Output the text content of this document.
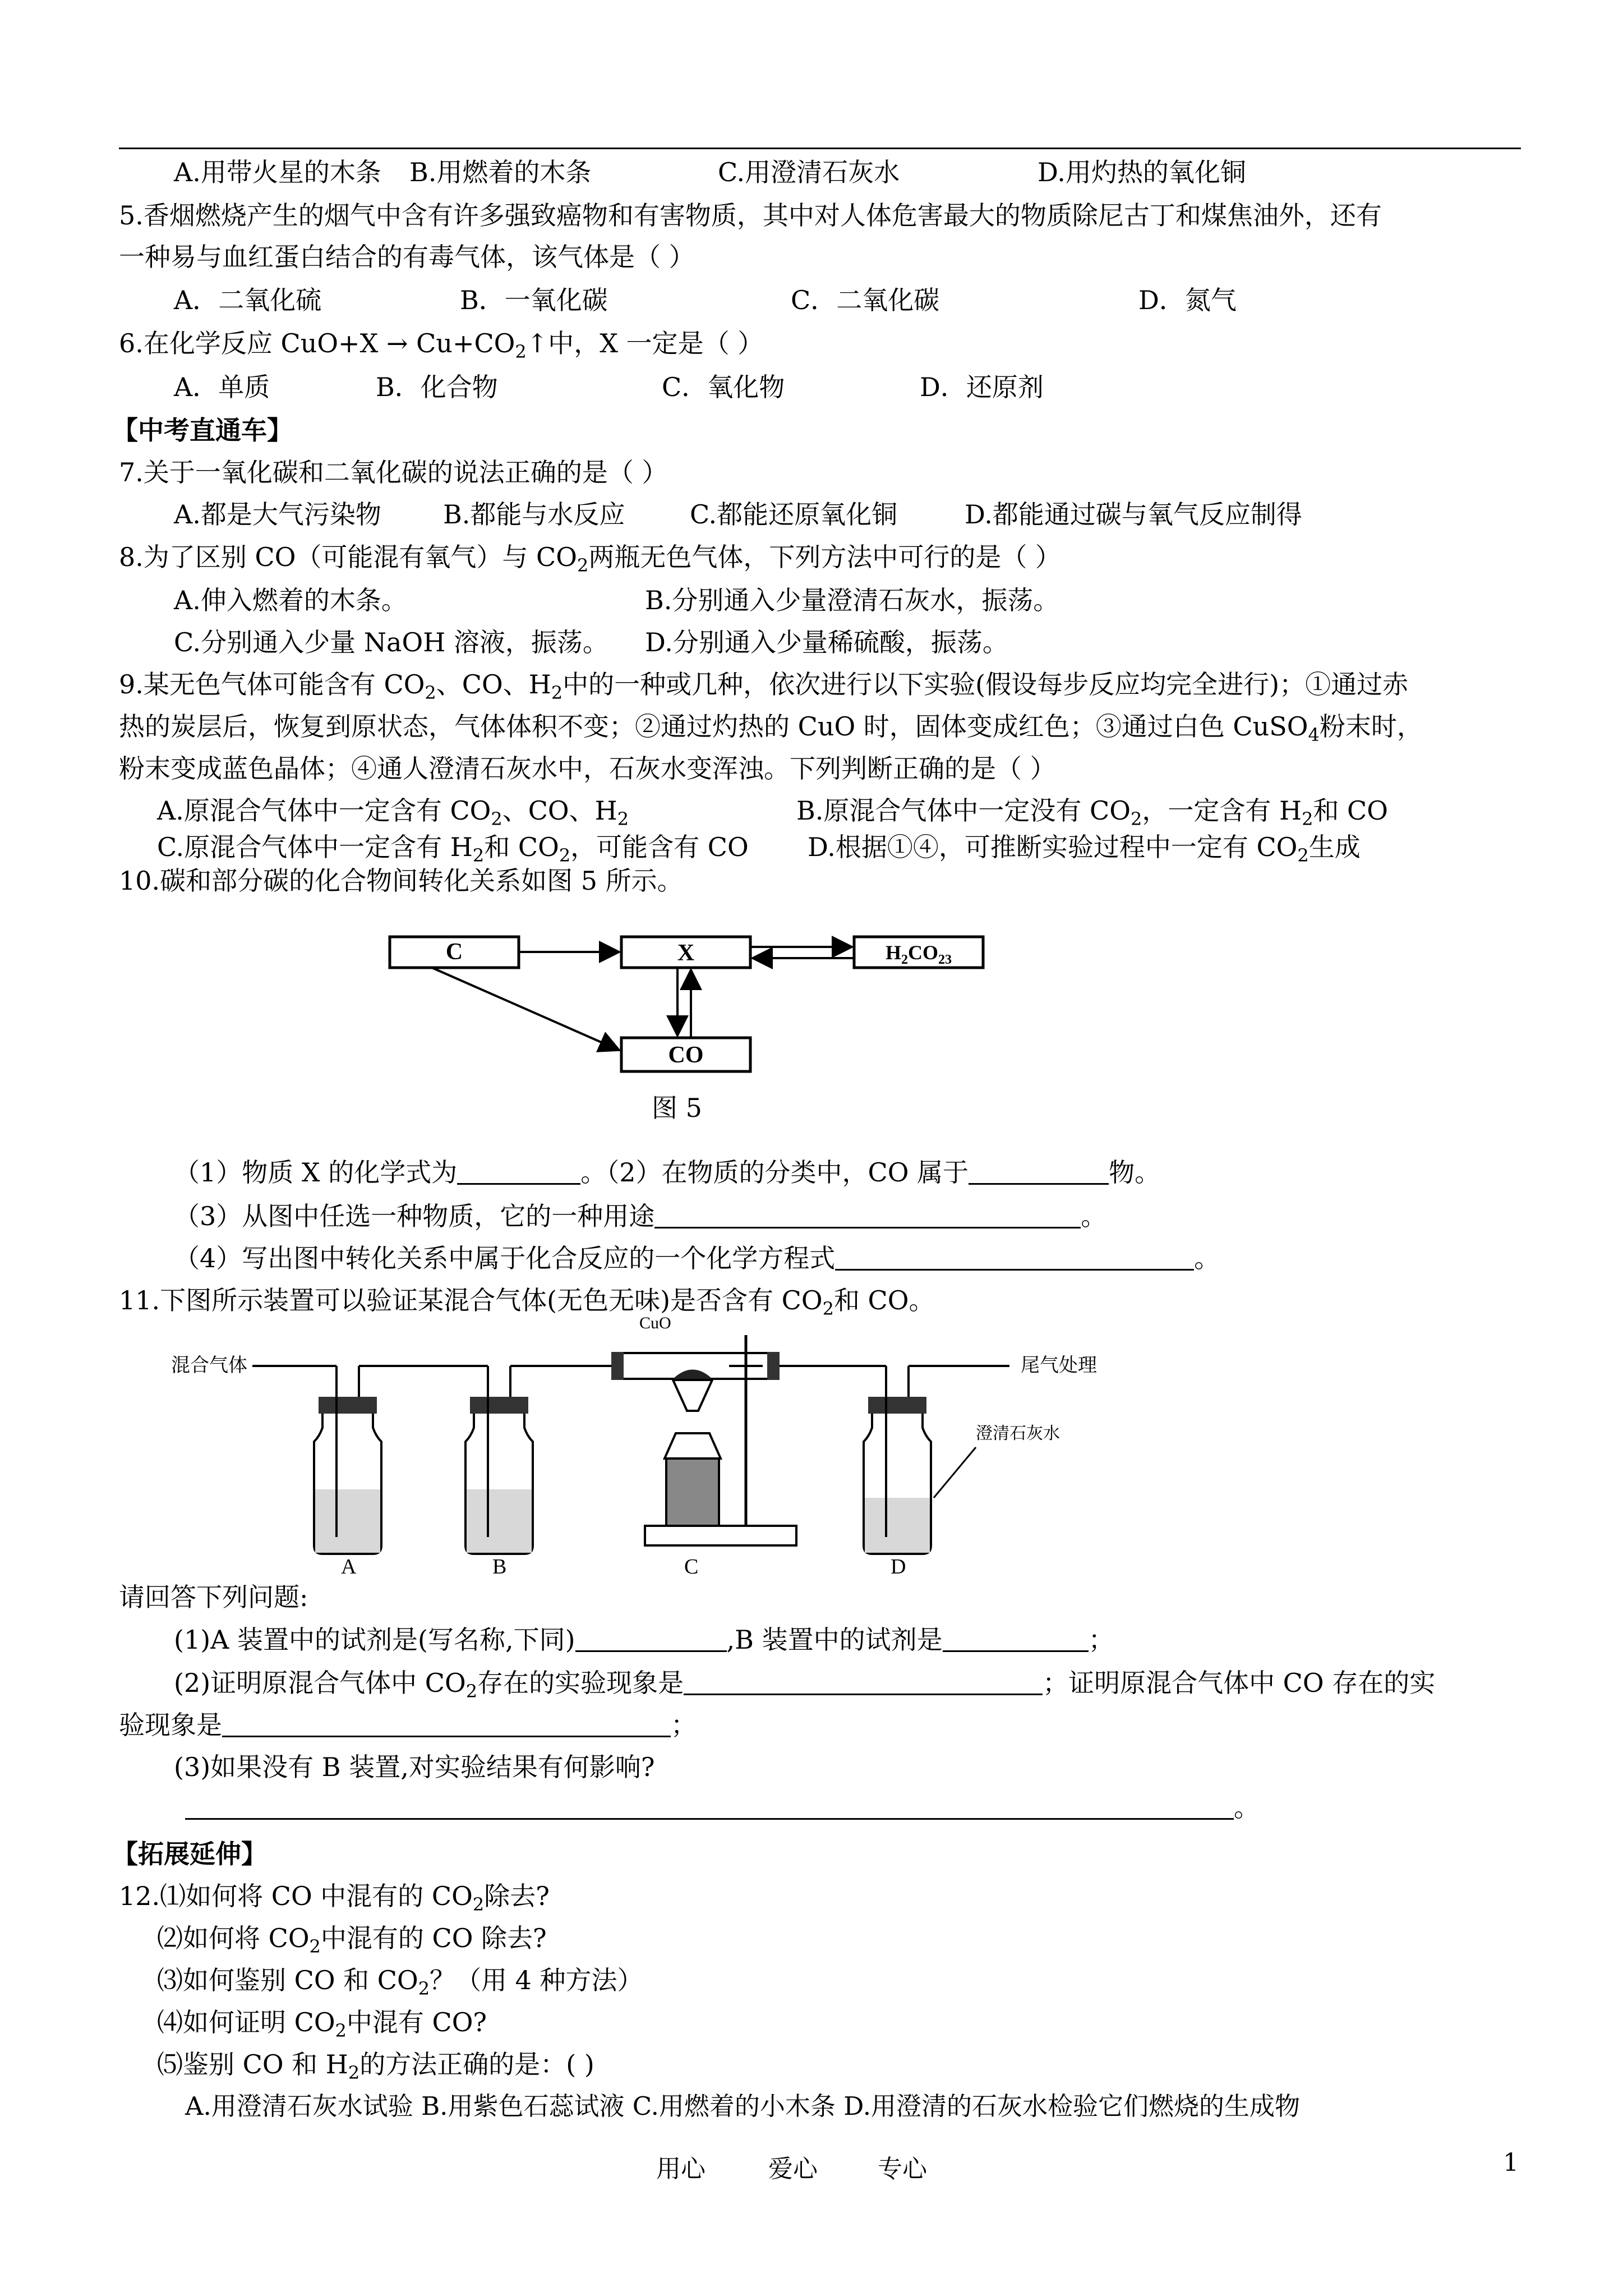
A.用带火星的木条 B.用燃着的木条	C.用澄清石灰水	D.用灼热的氧化铜
5.香烟燃烧产生的烟气中含有许多强致癌物和有害物质，其中对人体危害最大的物质除尼古丁和煤焦油外，还有
一种易与血红蛋白结合的有毒气体，该气体是（ ）
A．二氧化硫	B．一氧化碳	C．二氧化碳	D．氮气
6.在化学反应 $CuO+X \to Cu+CO_2↑$中，X 一定是（ ）
A．单质	B．化合物	C．氧化物	D．还原剂
【中考直通车】
7.关于一氧化碳和二氧化碳的说法正确的是（ ）
A.都是大气污染物 B.都能与水反应	C.都能还原氧化铜	D.都能通过碳与氧气反应制得
8.为了区别 CO（可能混有氧气）与 $CO_2$两瓶无色气体，下列方法中可行的是（ ）
A.伸入燃着的木条。	B.分别通入少量澄清石灰水，振荡。
C.分别通入少量 NaOH 溶液，振荡。 D.分别通入少量稀硫酸，振荡。
9.某无色气体可能含有 $CO_2$、CO、$H_2$中的一种或几种，依次进行以下实验(假设每步反应均完全进行)；①通过赤
热的炭层后，恢复到原状态，气体体积不变；②通过灼热的 CuO 时，固体变成红色；③通过白色 CuSO$_4$粉末时，
粉末变成蓝色晶体；④通人澄清石灰水中，石灰水变浑浊。下列判断正确的是（ ）
A.原混合气体中一定含有 $CO_2$、CO、$H_2$	B.原混合气体中一定没有 $CO_2$，一定含有 $H_2$和 CO
C.原混合气体中一定含有 $H_2$和 $CO_2$，可能含有 CO D.根据①④，可推断实验过程中一定有 $CO_2$生成
10.碳和部分碳的化合物间转化关系如图 5 所示。
C	X	$H_2CO_23$
CO
图 5
（1）物质 X 的化学式为	。（2）在物质的分类中，CO 属于	物。
（3）从图中任选一种物质，它的一种用途	。
（4）写出图中转化关系中属于化合反应的一个化学方程式	。
11.下图所示装置可以验证某混合气体(无色无味)是否含有 $CO_2$和 CO。
混合气体
CuO
尾气处理
澄清石灰水
A	B	C	D
请回答下列问题:
(1)A 装置中的试剂是(写名称,下同)	,B 装置中的试剂是	；
(2)证明原混合气体中 $CO_2$存在的实验现象是	；证明原混合气体中 CO 存在的实
验现象是	；
(3)如果没有 B 装置,对实验结果有何影响?
。
【拓展延伸】
12.⑴如何将 CO 中混有的 $CO_2$除去?
⑵如何将 $CO_2$中混有的 CO 除去?
⑶如何鉴别 CO 和 $CO_2$？（用 4 种方法）
⑷如何证明 $CO_2$中混有 CO?
⑸鉴别 CO 和 $H_2$的方法正确的是：( )
A.用澄清石灰水试验 B.用紫色石蕊试液 C.用燃着的小木条 D.用澄清的石灰水检验它们燃烧的生成物
用心	爱心 专心	1
